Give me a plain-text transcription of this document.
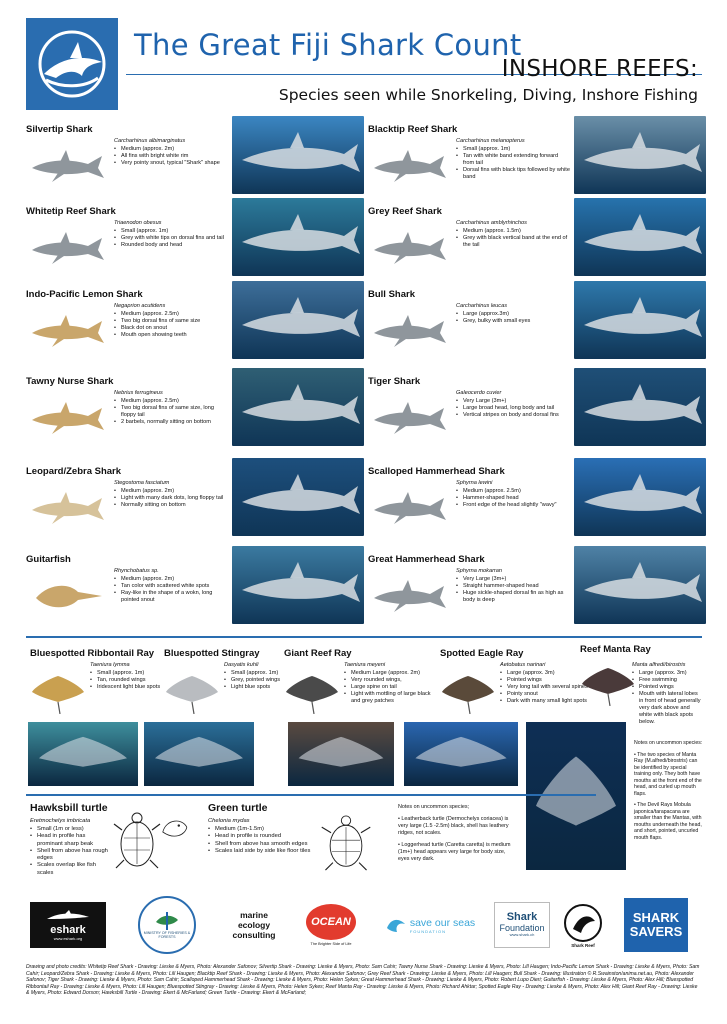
The Great Fiji Shark Count
INSHORE REEFS:
Species seen while Snorkeling, Diving, Inshore Fishing
Silvertip Shark
Carcharhinus albimarginatus
• Medium (approx. 2m)
• All fins with bright white rim
• Very pointy snout, typical "Shark" shape
Whitetip Reef Shark
Triaenodon obesus
• Small (approx. 1m)
• Grey with white tips on dorsal fins and tail
• Rounded body and head
Indo-Pacific Lemon Shark
Negaprion acutidens
• Medium (approx. 2.5m)
• Two big dorsal fins of same size
• Black dot on snout
• Mouth open showing teeth
Tawny Nurse Shark
Nebrius ferrugineus
• Medium (approx. 2.5m)
• Two big dorsal fins of same size, long floppy tail
• 2 barbels, normally sitting on bottom
Leopard/Zebra Shark
Stegostoma fasciatum
• Medium (approx. 2m)
• Light with many dark dots, long floppy tail
• Normally sitting on bottom
Guitarfish
Rhynchobatus sp.
• Medium (approx. 2m)
• Tan color with scattered white spots
• Ray-like in the shape of a wokn, long pointed snout
Blacktip Reef Shark
Carcharhinus melanopterus
• Small (approx. 1m)
• Tan with white band extending forward from tail
• Dorsal fins with black tips followed by white band
Grey Reef Shark
Carcharhinus amblyrhinchos
• Medium (approx. 1.5m)
• Grey with black vertical band at the end of the tail
Bull Shark
Carcharhinus leucas
• Large (approx.3m)
• Grey, bulky with small eyes
Tiger Shark
Galeocerdo cuvier
• Very Large (3m+)
• Large broad head, long body and tail
• Vertical stripes on body and dorsal fins
Scalloped Hammerhead Shark
Sphyrna lewini
• Medium (approx. 2.5m)
• Hammer-shaped head
• Front edge of the head slightly "wavy"
Great Hammerhead Shark
Sphyrna mokarran
• Very Large (3m+)
• Straight hammer-shaped head
• Huge sickle-shaped dorsal fin as high as body is deep
Bluespotted Ribbontail Ray
Taeniura lymma
• Small (approx. 1m)
• Tan, rounded wings
• Iridescent light blue spots
Bluespotted Stingray
Dasyatis kuhli
• Small (approx. 1m)
• Grey, pointed wings
• Light blue spots
Giant Reef Ray
Taeniura meyeni
• Medium Large (approx. 2m)
• Very rounded wings,
• Large spine on tail
• Light with mottling of large black and grey patches
Spotted Eagle Ray
Aetobatus narinari
• Large (approx. 3m)
• Pointed wings
• Very long tail with several spines
• Pointy snout
• Dark with many small light spots
Reef Manta Ray
Manta alfredi/birostris
• Large (approx. 3m)
• Free swimming
• Pointed wings
• Mouth with lateral lobes in front of head generally very dark above and white with black spots below.
Notes on uncommon species:
• The two species of Manta Ray (M.alfredi/birostris) can be identified by special training only. They both have mouths at the front end of the head, and curled up mouth flaps.
• The Devil Rays Mobula japonica/tarapacana are smaller than the Mantas, with mouths underneath the head, and short, pointed, uncurled mouth flaps.
Hawksbill turtle
Eretmochelys imbricata
• Small (1m or less)
• Head in profile has prominant sharp beak
• Shell from above has rough edges
• Scales overlap like fish scales
Green turtle
Chelonia mydas
• Medium (1m-1.5m)
• Head in profile is rounded
• Shell from above has smooth edges
• Scales laid side by side like floor tiles
Notes on uncommon species;
• Leatherback turtle (Dermochelys coriacea) is very large (1.5 -2.5m) black, shell has leathery ridges, not scales.
• Loggerhead turtle (Caretta caretta) is medium (1m+) head appears very large for body size, eyes very dark.
eshark
www.eshark.org
MINISTRY OF FISHERIES & FORESTS
marine
ecology
consulting
OCEAN
The Brighter Side of Life
save our seas
FOUNDATION
Shark
Foundation
www.shark.ch
Shark Reef
SHARK
SAVERS
Drawing and photo credits: Whitetip Reef Shark - Drawing: Lieske & Myers, Photo: Alexander Safonov; Silvertip Shark - Drawing: Lieske & Myers, Photo: Sam Cahir; Tawny Nurse Shark - Drawing: Lieske & Myers, Photo: Lill Haugen; Indo-Pacific Lemon Shark - Drawing: Lieske & Myers, Photo: Sam Cahir; Leopard/Zebra Shark - Drawing: Lieske & Myers, Photo: Lill Haugen; Blacktip Reef Shark - Drawing: Lieske & Myers, Photo: Alexander Safonov; Grey Reef Shark - Drawing: Lieske & Myers, Photo: Lill Haugen; Bull Shark - Drawing: Illustration © R.Swainston/anima.net.au, Photo: Alexander Safonov; Tiger Shark - Drawing: Lieske & Myers, Photo: Sam Cahir; Scalloped Hammerhead Shark - Drawing: Lieske & Myers, Photo: Helen Sykes; Great Hammerhead Shark - Drawing: Lieske & Myers, Photo: Robert Lupo Dieri; Guitarfish - Drawing: Lieske & Myers, Photo: Alex Hill; Bluespotted Ribbontail Ray - Drawing: Lieske & Myers, Photo: Lill Haugen; Bluespotted Stingray - Drawing: Lieske & Myers, Photo: Helen Sykes; Reef Manta Ray - Drawing: Lieske & Myers, Photo: Richard Ahktar; Spotted Eagle Ray - Drawing: Lieske & Myers, Photo: Alex Hill; Giant Reef Ray - Drawing: Lieske & Myers, Photo: Edward Dorson; Hawksbill Turtle - Drawing: Ekert & McFarland; Green Turtle - Drawing: Ekert & McFarland;
